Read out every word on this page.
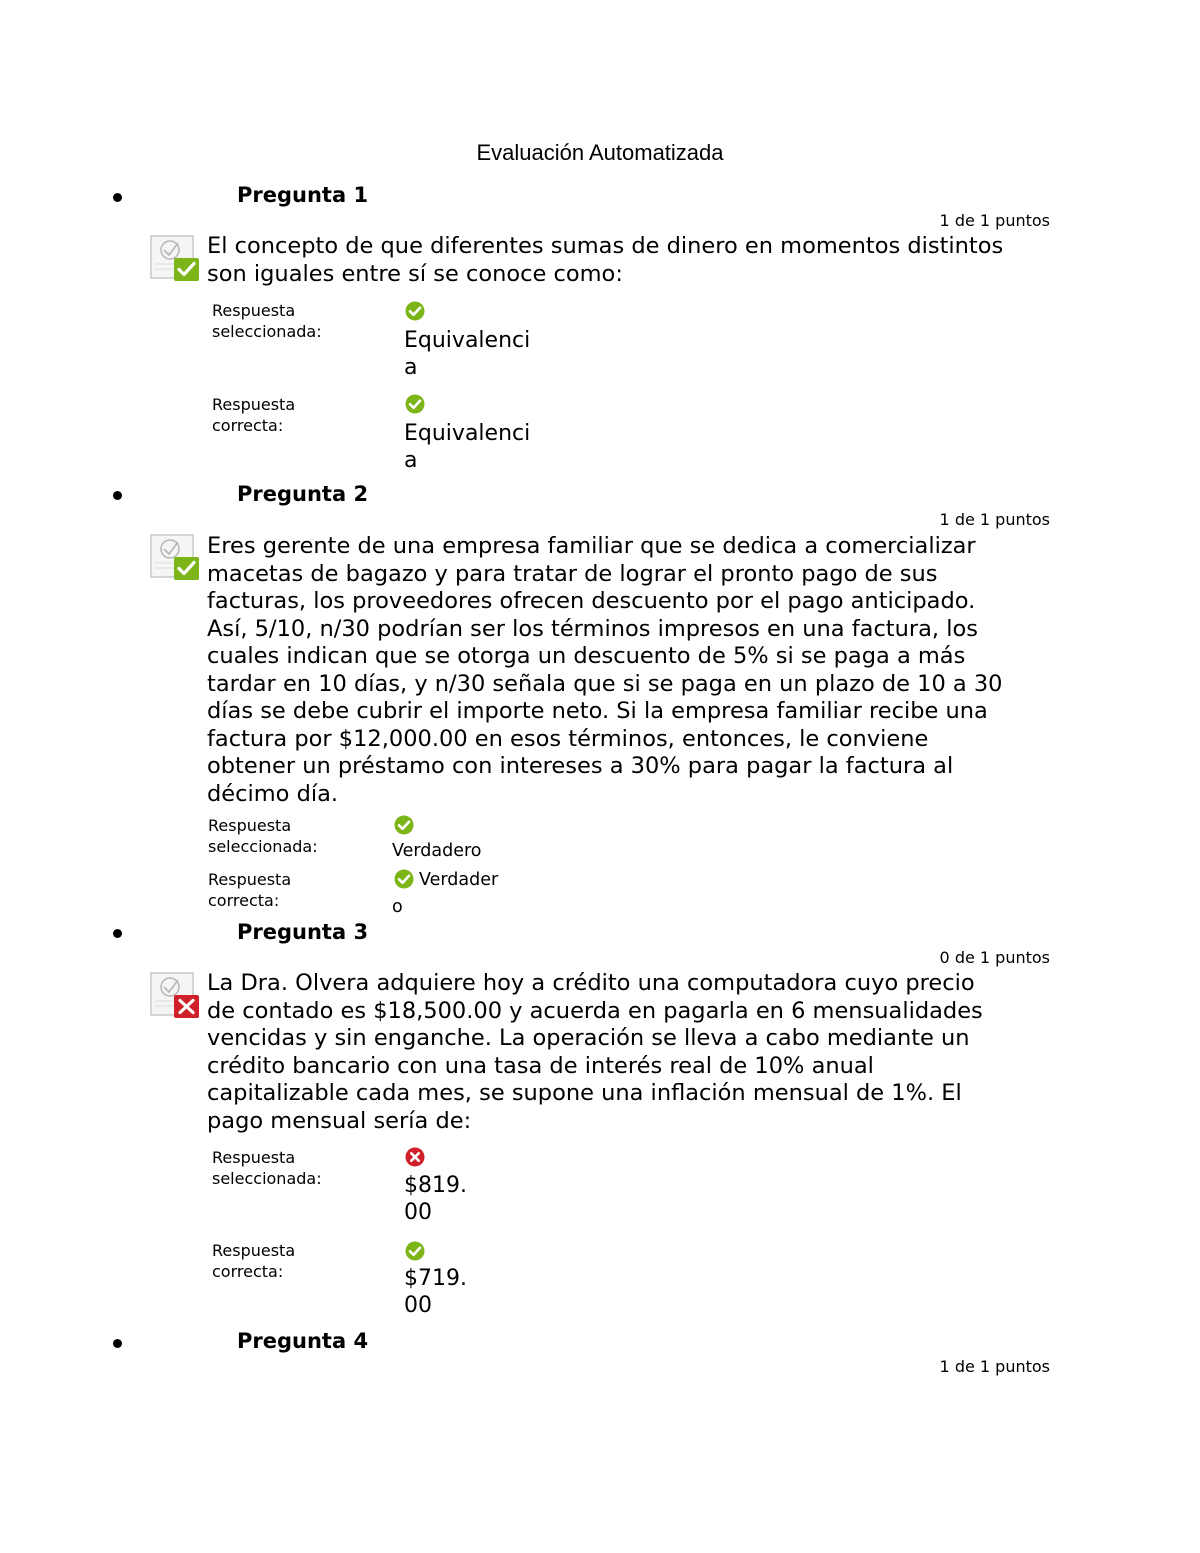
Evaluación Automatizada
Pregunta 1
1 de 1 puntos
El concepto de que diferentes sumas de dinero en momentos distintos son iguales entre sí se conoce como:
Respuesta seleccionada:	Equivalencia
Respuesta correcta:	Equivalencia
Pregunta 2
1 de 1 puntos
Eres gerente de una empresa familiar que se dedica a comercializar macetas de bagazo y para tratar de lograr el pronto pago de sus facturas, los proveedores ofrecen descuento por el pago anticipado. Así, 5/10, n/30 podrían ser los términos impresos en una factura, los cuales indican que se otorga un descuento de 5% si se paga a más tardar en 10 días, y n/30 señala que si se paga en un plazo de 10 a 30 días se debe cubrir el importe neto. Si la empresa familiar recibe una factura por $12,000.00 en esos términos, entonces, le conviene obtener un préstamo con intereses a 30% para pagar la factura al décimo día.
Respuesta seleccionada:	Verdadero
Respuesta correcta:
Verdadero
Pregunta 3
0 de 1 puntos
La Dra. Olvera adquiere hoy a crédito una computadora cuyo precio de contado es $18,500.00 y acuerda en pagarla en 6 mensualidades vencidas y sin enganche. La operación se lleva a cabo mediante un crédito bancario con una tasa de interés real de 10% anual capitalizable cada mes, se supone una inflación mensual de 1%. El pago mensual sería de:
Respuesta seleccionada:	$819.00
Respuesta correcta:	$719.00
Pregunta 4
1 de 1 puntos
